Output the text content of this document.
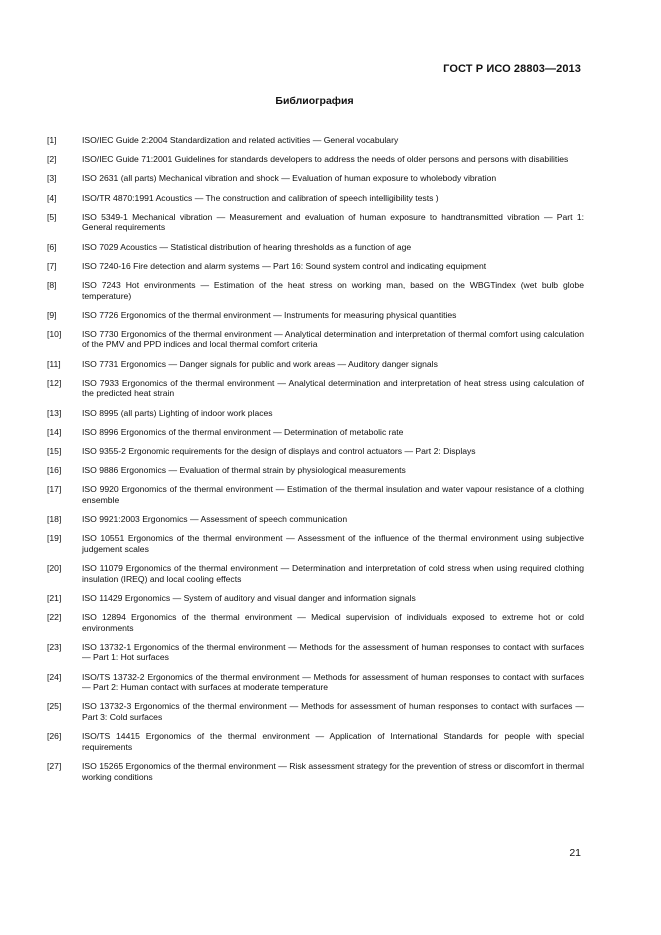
ГОСТ Р ИСО 28803—2013
Библиография
[1]	ISO/IEC Guide 2:2004 Standardization and related activities — General vocabulary
[2]	ISO/IEC Guide 71:2001 Guidelines for standards developers to address the needs of older persons and persons with disabilities
[3]	ISO 2631 (all parts) Mechanical vibration and shock — Evaluation of human exposure to wholebody vibration
[4]	ISO/TR 4870:1991 Acoustics — The construction and calibration of speech intelligibility tests )
[5]	ISO 5349-1 Mechanical vibration — Measurement and evaluation of human exposure to handtransmitted vibration — Part 1: General requirements
[6]	ISO 7029 Acoustics — Statistical distribution of hearing thresholds as a function of age
[7]	ISO 7240-16 Fire detection and alarm systems — Part 16: Sound system control and indicating equipment
[8]	ISO 7243 Hot environments — Estimation of the heat stress on working man, based on the WBGTindex (wet bulb globe temperature)
[9]	ISO 7726 Ergonomics of the thermal environment — Instruments for measuring physical quantities
[10]	ISO 7730 Ergonomics of the thermal environment — Analytical determination and interpretation of thermal comfort using calculation of the PMV and PPD indices and local thermal comfort criteria
[11]	ISO 7731 Ergonomics — Danger signals for public and work areas — Auditory danger signals
[12]	ISO 7933 Ergonomics of the thermal environment — Analytical determination and interpretation of heat stress using calculation of the predicted heat strain
[13]	ISO 8995 (all parts) Lighting of indoor work places
[14]	ISO 8996 Ergonomics of the thermal environment — Determination of metabolic rate
[15]	ISO 9355-2 Ergonomic requirements for the design of displays and control actuators — Part 2: Displays
[16]	ISO 9886 Ergonomics — Evaluation of thermal strain by physiological measurements
[17]	ISO 9920 Ergonomics of the thermal environment — Estimation of the thermal insulation and water vapour resistance of a clothing ensemble
[18]	ISO 9921:2003 Ergonomics — Assessment of speech communication
[19]	ISO 10551 Ergonomics of the thermal environment — Assessment of the influence of the thermal environment using subjective judgement scales
[20]	ISO 11079 Ergonomics of the thermal environment — Determination and interpretation of cold stress when using required clothing insulation (IREQ) and local cooling effects
[21]	ISO 11429 Ergonomics — System of auditory and visual danger and information signals
[22]	ISO 12894 Ergonomics of the thermal environment — Medical supervision of individuals exposed to extreme hot or cold environments
[23]	ISO 13732-1 Ergonomics of the thermal environment — Methods for the assessment of human responses to contact with surfaces — Part 1: Hot surfaces
[24]	ISO/TS 13732-2 Ergonomics of the thermal environment — Methods for assessment of human responses to contact with surfaces — Part 2: Human contact with surfaces at moderate temperature
[25]	ISO 13732-3 Ergonomics of the thermal environment — Methods for assessment of human responses to contact with surfaces — Part 3: Cold surfaces
[26]	ISO/TS 14415 Ergonomics of the thermal environment — Application of International Standards for people with special requirements
[27]	ISO 15265 Ergonomics of the thermal environment — Risk assessment strategy for the prevention of stress or discomfort in thermal working conditions
21
